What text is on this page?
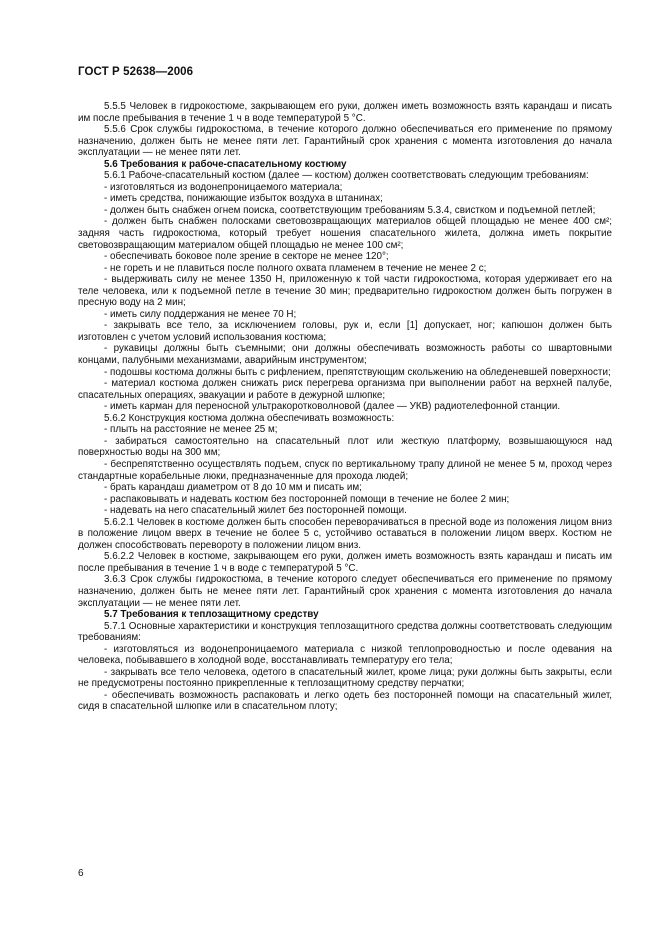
ГОСТ Р 52638—2006

5.5.5 Человек в гидрокостюме, закрывающем его руки, должен иметь возможность взять карандаш и писать им после пребывания в течение 1 ч в воде температурой 5 °C.

5.5.6 Срок службы гидрокостюма, в течение которого должно обеспечиваться его применение по прямому назначению, должен быть не менее пяти лет. Гарантийный срок хранения с момента изготовления до начала эксплуатации — не менее пяти лет.

5.6 Требования к рабоче-спасательному костюму

5.6.1 Рабоче-спасательный костюм (далее — костюм) должен соответствовать следующим требованиям:

- изготовляться из водонепроницаемого материала;

- иметь средства, понижающие избыток воздуха в штанинах;

- должен быть снабжен огнем поиска, соответствующим требованиям 5.3.4, свистком и подъемной петлей;

- должен быть снабжен полосками световозвращающих материалов общей площадью не менее 400 см²; задняя часть гидрокостюма, который требует ношения спасательного жилета, должна иметь покрытие световозвращающим материалом общей площадью не менее 100 см²;

- обеспечивать боковое поле зрение в секторе не менее 120°;

- не гореть и не плавиться после полного охвата пламенем в течение не менее 2 с;

- выдерживать силу не менее 1350 Н, приложенную к той части гидрокостюма, которая удерживает его на теле человека, или к подъемной петле в течение 30 мин; предварительно гидрокостюм должен быть погружен в пресную воду на 2 мин;

- иметь силу поддержания не менее 70 Н;

- закрывать все тело, за исключением головы, рук и, если [1] допускает, ног; капюшон должен быть изготовлен с учетом условий использования костюма;

- рукавицы должны быть съемными; они должны обеспечивать возможность работы со швартовными концами, палубными механизмами, аварийным инструментом;

- подошвы костюма должны быть с рифлением, препятствующим скольжению на обледеневшей поверхности;

- материал костюма должен снижать риск перегрева организма при выполнении работ на верхней палубе, спасательных операциях, эвакуации и работе в дежурной шлюпке;

- иметь карман для переносной ультракоротковолновой (далее — УКВ) радиотелефонной станции.

5.6.2 Конструкция костюма должна обеспечивать возможность:

- плыть на расстояние не менее 25 м;

- забираться самостоятельно на спасательный плот или жесткую платформу, возвышающуюся над поверхностью воды на 300 мм;

- беспрепятственно осуществлять подъем, спуск по вертикальному трапу длиной не менее 5 м, проход через стандартные корабельные люки, предназначенные для прохода людей;

- брать карандаш диаметром от 8 до 10 мм и писать им;

- распаковывать и надевать костюм без посторонней помощи в течение не более 2 мин;

- надевать на него спасательный жилет без посторонней помощи.

5.6.2.1 Человек в костюме должен быть способен переворачиваться в пресной воде из положения лицом вниз в положение лицом вверх в течение не более 5 с, устойчиво оставаться в положении лицом вверх. Костюм не должен способствовать перевороту в положении лицом вниз.

5.6.2.2 Человек в костюме, закрывающем его руки, должен иметь возможность взять карандаш и писать им после пребывания в течение 1 ч в воде с температурой 5 °C.

3.6.3 Срок службы гидрокостюма, в течение которого следует обеспечиваться его применение по прямому назначению, должен быть не менее пяти лет. Гарантийный срок хранения с момента изготовления до начала эксплуатации — не менее пяти лет.

5.7 Требования к теплозащитному средству

5.7.1 Основные характеристики и конструкция теплозащитного средства должны соответствовать следующим требованиям:

- изготовляться из водонепроницаемого материала с низкой теплопроводностью и после одевания на человека, побывавшего в холодной воде, восстанавливать температуру его тела;

- закрывать все тело человека, одетого в спасательный жилет, кроме лица; руки должны быть закрыты, если не предусмотрены постоянно прикрепленные к теплозащитному средству перчатки;

- обеспечивать возможность распаковать и легко одеть без посторонней помощи на спасательный жилет, сидя в спасательной шлюпке или в спасательном плоту;

6
